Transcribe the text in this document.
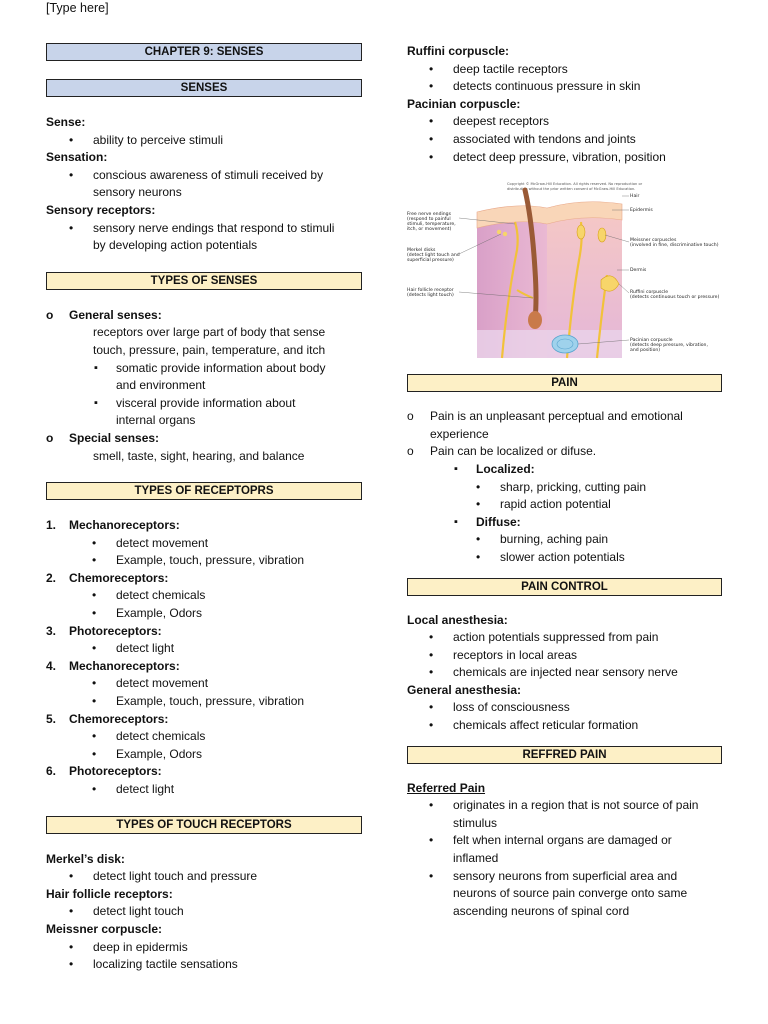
[Type here]
CHAPTER 9: SENSES
SENSES
Sense:
• ability to perceive stimuli
Sensation:
• conscious awareness of stimuli received by
sensory neurons
Sensory receptors:
• sensory nerve endings that respond to stimuli
by developing action potentials
TYPES OF SENSES
o General senses:
receptors over large part of body that sense
touch, pressure, pain, temperature, and itch
▪ somatic provide information about body
and environment
▪ visceral provide information about
internal organs
o Special senses:
smell, taste, sight, hearing, and balance
TYPES OF RECEPTOPRS
1. Mechanoreceptors:
• detect movement
• Example, touch, pressure, vibration
2. Chemoreceptors:
• detect chemicals
• Example, Odors
3. Photoreceptors:
• detect light
4. Mechanoreceptors:
• detect movement
• Example, touch, pressure, vibration
5. Chemoreceptors:
• detect chemicals
• Example, Odors
6. Photoreceptors:
• detect light
TYPES OF TOUCH RECEPTORS
Merkel’s disk:
• detect light touch and pressure
Hair follicle receptors:
• detect light touch
Meissner corpuscle:
• deep in epidermis
• localizing tactile sensations
Ruffini corpuscle:
• deep tactile receptors
• detects continuous pressure in skin
Pacinian corpuscle:
• deepest receptors
• associated with tendons and joints
• detect deep pressure, vibration, position
Copyright © McGraw-Hill Education. All rights reserved. No reproduction or
distribution without the prior written consent of McGraw-Hill Education.
Free nerve endings
(respond to painful
stimuli, temperature,
itch, or movement)
Merkel disks
(detect light touch and
superficial pressure)
Hair follicle receptor
(detects light touch)
Hair
Epidermis
Meissner corpuscles
(involved in fine, discriminative touch)
Dermis
Ruffini corpuscle
(detects continuous touch or pressure)
Pacinian corpuscle
(detects deep pressure, vibration,
and position)
PAIN
o Pain is an unpleasant perceptual and emotional
experience
o Pain can be localized or difuse.
▪ Localized:
• sharp, pricking, cutting pain
• rapid action potential
▪ Diffuse:
• burning, aching pain
• slower action potentials
PAIN CONTROL
Local anesthesia:
• action potentials suppressed from pain
• receptors in local areas
• chemicals are injected near sensory nerve
General anesthesia:
• loss of consciousness
• chemicals affect reticular formation
REFFRED PAIN
Referred Pain
• originates in a region that is not source of pain
stimulus
• felt when internal organs are damaged or
inflamed
• sensory neurons from superficial area and
neurons of source pain converge onto same
ascending neurons of spinal cord
